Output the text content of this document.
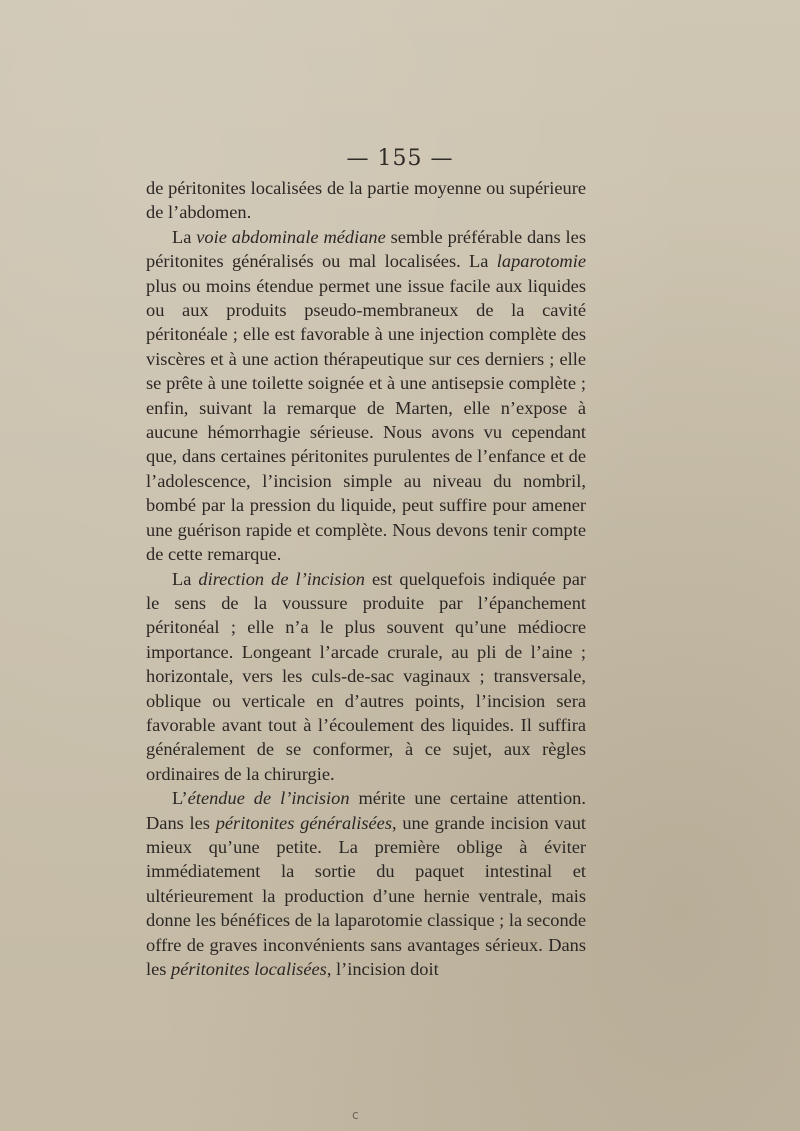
— 155 —

de péritonites localisées de la partie moyenne ou supérieure de l’abdomen.

La voie abdominale médiane semble préférable dans les péritonites généralisés ou mal localisées. La laparotomie plus ou moins étendue permet une issue facile aux liquides ou aux produits pseudo-membraneux de la cavité péritonéale ; elle est favorable à une injection complète des viscères et à une action thérapeutique sur ces derniers ; elle se prête à une toilette soignée et à une antisepsie complète ; enfin, suivant la remarque de Marten, elle n’expose à aucune hémorrhagie sérieuse. Nous avons vu cependant que, dans certaines péritonites purulentes de l’enfance et de l’adolescence, l’incision simple au niveau du nombril, bombé par la pression du liquide, peut suffire pour amener une guérison rapide et complète. Nous devons tenir compte de cette remarque.

La direction de l’incision est quelquefois indiquée par le sens de la voussure produite par l’épanchement péritonéal ; elle n’a le plus souvent qu’une médiocre importance. Longeant l’arcade crurale, au pli de l’aine ; horizontale, vers les culs-de-sac vaginaux ; transversale, oblique ou verticale en d’autres points, l’incision sera favorable avant tout à l’écoulement des liquides. Il suffira généralement de se conformer, à ce sujet, aux règles ordinaires de la chirurgie.

L’étendue de l’incision mérite une certaine attention. Dans les péritonites généralisées, une grande incision vaut mieux qu’une petite. La première oblige à éviter immédiatement la sortie du paquet intestinal et ultérieurement la production d’une hernie ventrale, mais donne les bénéfices de la laparotomie classique ; la seconde offre de graves inconvénients sans avantages sérieux. Dans les péritonites localisées, l’incision doit

ⅽ
